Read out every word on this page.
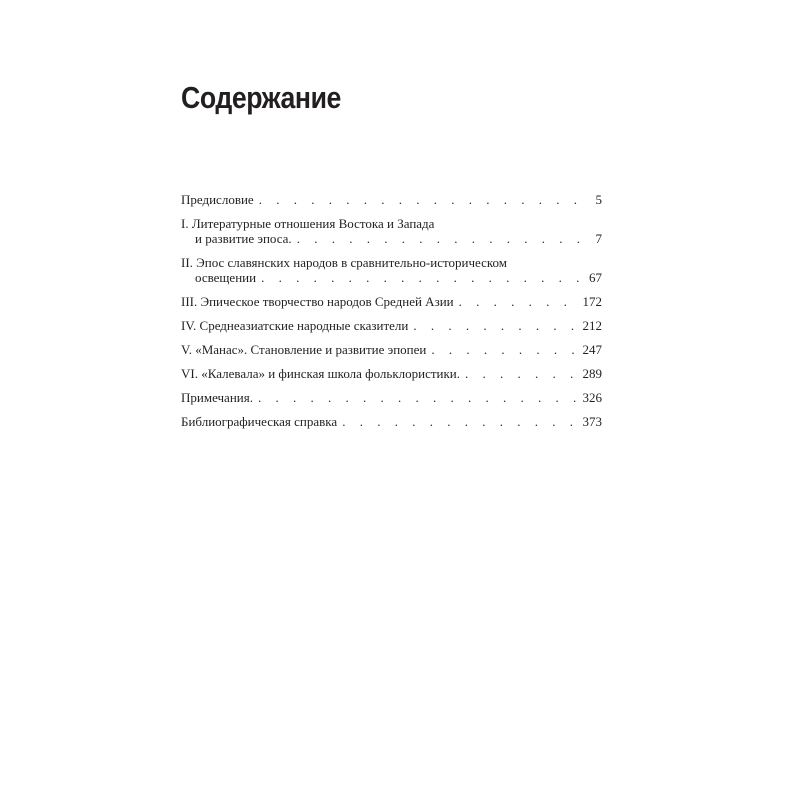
Содержание
Предисловие . . .	5
I. Литературные отношения Востока и Запада
и развитие эпоса. . . .	7
II. Эпос славянских народов в сравнительно-историческом
освещении . . .	67
III. Эпическое творчество народов Средней Азии . . .	172
IV. Среднеазиатские народные сказители . . .	212
V. «Манас». Становление и развитие эпопеи . . .	247
VI. «Калевала» и финская школа фольклористики. . . .	289
Примечания. . . .	326
Библиографическая справка . . .	373
